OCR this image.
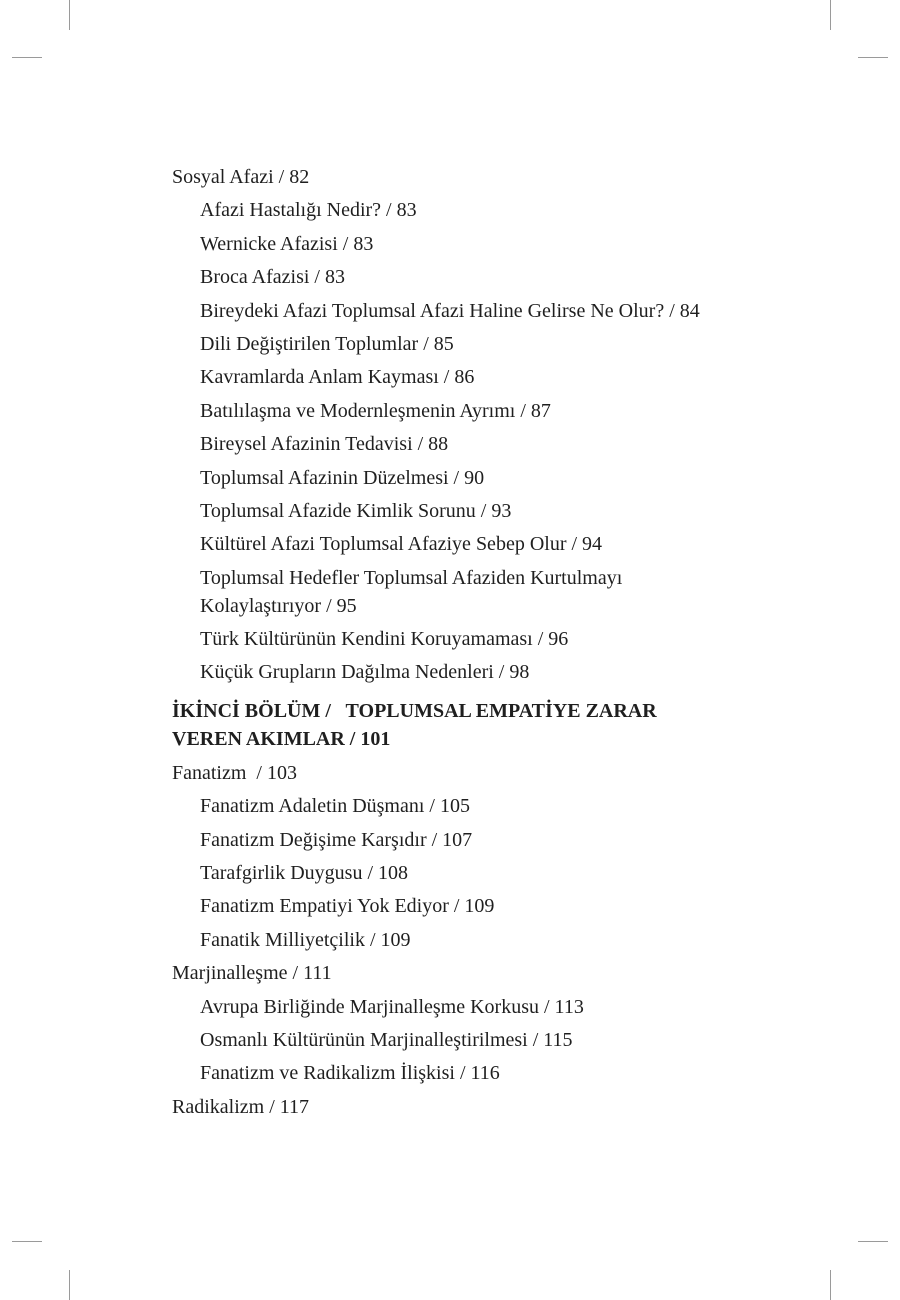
Sosyal Afazi / 82
Afazi Hastalığı Nedir? / 83
Wernicke Afazisi / 83
Broca Afazisi / 83
Bireydeki Afazi Toplumsal Afazi Haline Gelirse Ne Olur? / 84
Dili Değiştirilen Toplumlar / 85
Kavramlarda Anlam Kayması / 86
Batılılaşma ve Modernleşmenin Ayrımı / 87
Bireysel Afazinin Tedavisi / 88
Toplumsal Afazinin Düzelmesi / 90
Toplumsal Afazide Kimlik Sorunu / 93
Kültürel Afazi Toplumsal Afaziye Sebep Olur / 94
Toplumsal Hedefler Toplumsal Afaziden Kurtulmayı Kolaylaştırıyor / 95
Türk Kültürünün Kendini Koruyamaması / 96
Küçük Grupların Dağılma Nedenleri / 98
İKİNCİ BÖLÜM /   TOPLUMSAL EMPATİYE ZARAR
VEREN AKIMLAR / 101
Fanatizm  / 103
Fanatizm Adaletin Düşmanı / 105
Fanatizm Değişime Karşıdır / 107
Tarafgirlik Duygusu / 108
Fanatizm Empatiyi Yok Ediyor / 109
Fanatik Milliyetçilik / 109
Marjinalleşme / 111
Avrupa Birliğinde Marjinalleşme Korkusu / 113
Osmanlı Kültürünün Marjinalleştirilmesi / 115
Fanatizm ve Radikalizm İlişkisi / 116
Radikalizm / 117
